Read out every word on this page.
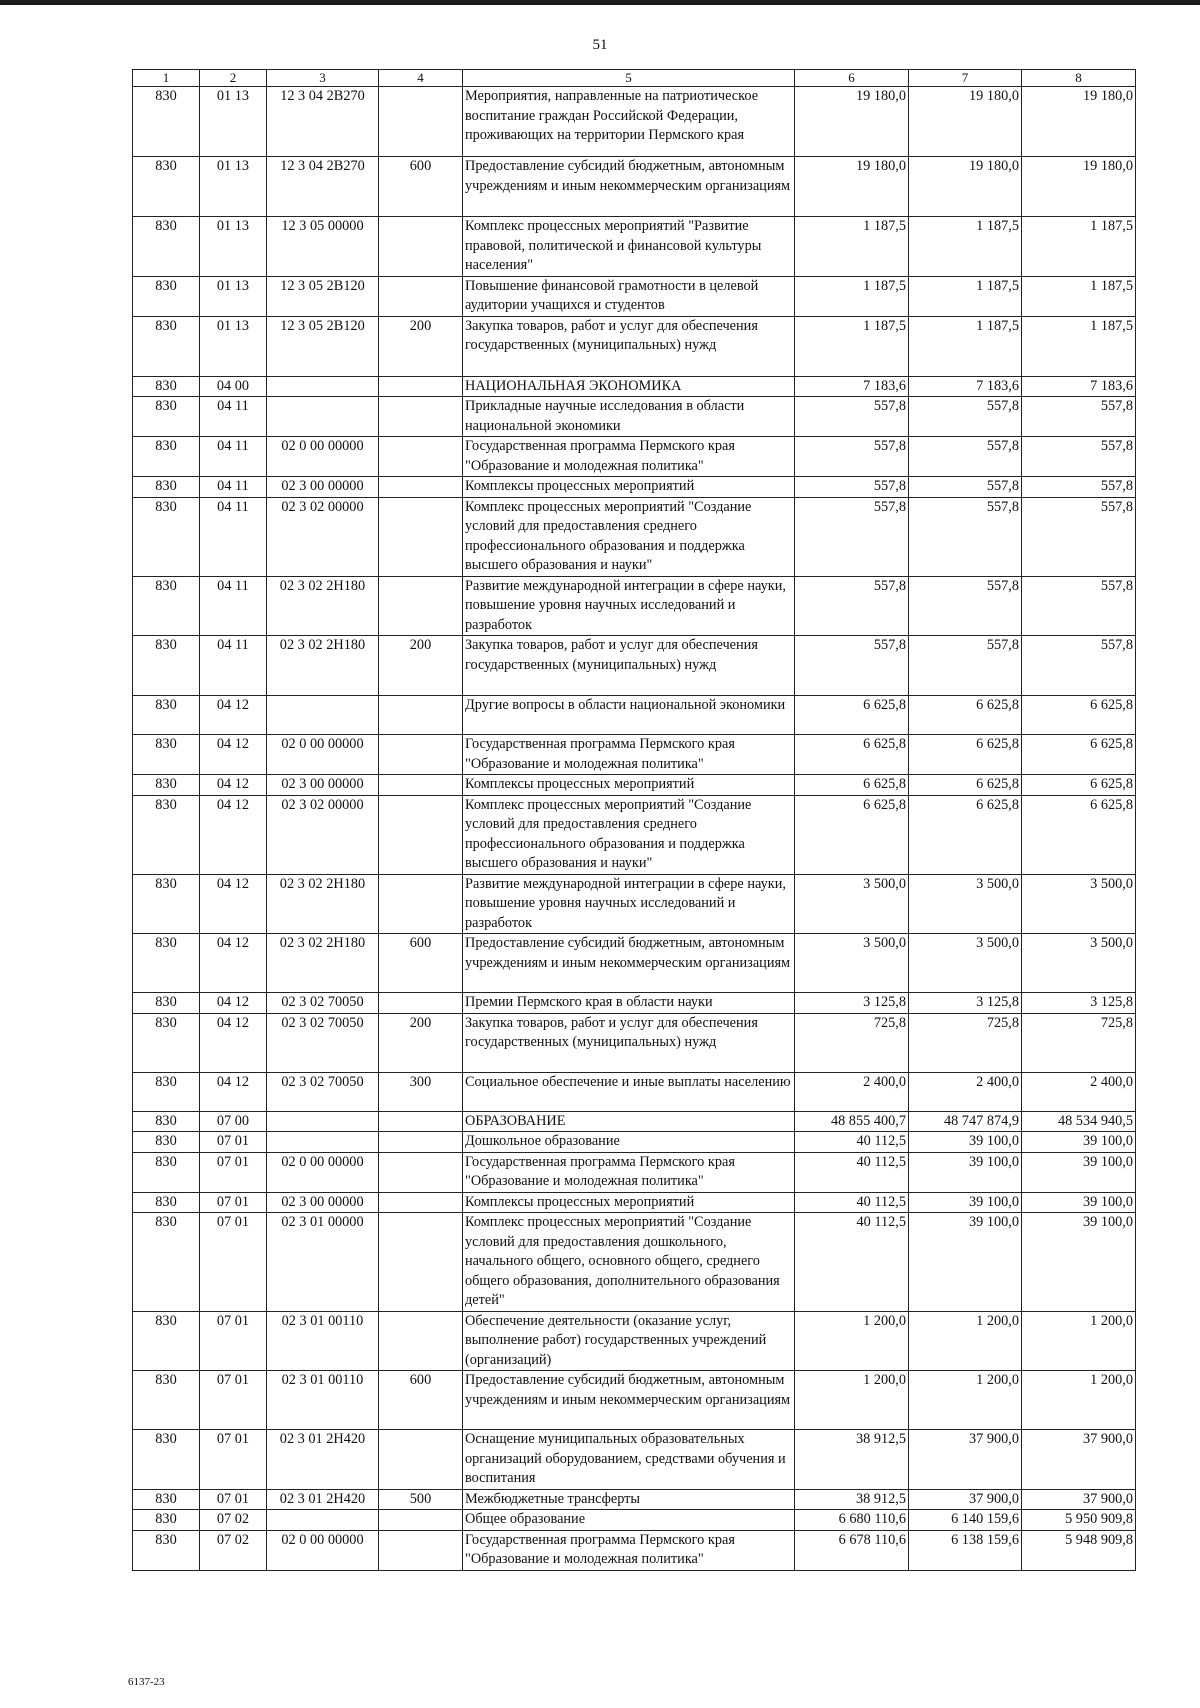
51
1	2	3	4	5	6	7	8
830	01 13	12 3 04 2В270		Мероприятия, направленные на патриотическое воспитание граждан Российской Федерации, проживающих на территории Пермского края	19 180,0	19 180,0	19 180,0
830	01 13	12 3 04 2В270	600	Предоставление субсидий бюджетным, автономным учреждениям и иным некоммерческим организациям	19 180,0	19 180,0	19 180,0
830	01 13	12 3 05 00000		Комплекс процессных мероприятий "Развитие правовой, политической и финансовой культуры населения"	1 187,5	1 187,5	1 187,5
830	01 13	12 3 05 2В120		Повышение финансовой грамотности в целевой аудитории учащихся и студентов	1 187,5	1 187,5	1 187,5
830	01 13	12 3 05 2В120	200	Закупка товаров, работ и услуг для обеспечения государственных (муниципальных) нужд	1 187,5	1 187,5	1 187,5
830	04 00			НАЦИОНАЛЬНАЯ ЭКОНОМИКА	7 183,6	7 183,6	7 183,6
830	04 11			Прикладные научные исследования в области национальной экономики	557,8	557,8	557,8
830	04 11	02 0 00 00000		Государственная программа Пермского края "Образование и молодежная политика"	557,8	557,8	557,8
830	04 11	02 3 00 00000		Комплексы процессных мероприятий	557,8	557,8	557,8
830	04 11	02 3 02 00000		Комплекс процессных мероприятий "Создание условий для предоставления среднего профессионального образования и поддержка высшего образования и науки"	557,8	557,8	557,8
830	04 11	02 3 02 2Н180		Развитие международной интеграции в сфере науки, повышение уровня научных исследований и разработок	557,8	557,8	557,8
830	04 11	02 3 02 2Н180	200	Закупка товаров, работ и услуг для обеспечения государственных (муниципальных) нужд	557,8	557,8	557,8
830	04 12			Другие вопросы в области национальной экономики	6 625,8	6 625,8	6 625,8
830	04 12	02 0 00 00000		Государственная программа Пермского края "Образование и молодежная политика"	6 625,8	6 625,8	6 625,8
830	04 12	02 3 00 00000		Комплексы процессных мероприятий	6 625,8	6 625,8	6 625,8
830	04 12	02 3 02 00000		Комплекс процессных мероприятий "Создание условий для предоставления среднего профессионального образования и поддержка высшего образования и науки"	6 625,8	6 625,8	6 625,8
830	04 12	02 3 02 2Н180		Развитие международной интеграции в сфере науки, повышение уровня научных исследований и разработок	3 500,0	3 500,0	3 500,0
830	04 12	02 3 02 2Н180	600	Предоставление субсидий бюджетным, автономным учреждениям и иным некоммерческим организациям	3 500,0	3 500,0	3 500,0
830	04 12	02 3 02 70050		Премии Пермского края в области науки	3 125,8	3 125,8	3 125,8
830	04 12	02 3 02 70050	200	Закупка товаров, работ и услуг для обеспечения государственных (муниципальных) нужд	725,8	725,8	725,8
830	04 12	02 3 02 70050	300	Социальное обеспечение и иные выплаты населению	2 400,0	2 400,0	2 400,0
830	07 00			ОБРАЗОВАНИЕ	48 855 400,7	48 747 874,9	48 534 940,5
830	07 01			Дошкольное образование	40 112,5	39 100,0	39 100,0
830	07 01	02 0 00 00000		Государственная программа Пермского края "Образование и молодежная политика"	40 112,5	39 100,0	39 100,0
830	07 01	02 3 00 00000		Комплексы процессных мероприятий	40 112,5	39 100,0	39 100,0
830	07 01	02 3 01 00000		Комплекс процессных мероприятий "Создание условий для предоставления дошкольного, начального общего, основного общего, среднего общего образования, дополнительного образования детей"	40 112,5	39 100,0	39 100,0
830	07 01	02 3 01 00110		Обеспечение деятельности (оказание услуг, выполнение работ) государственных учреждений (организаций)	1 200,0	1 200,0	1 200,0
830	07 01	02 3 01 00110	600	Предоставление субсидий бюджетным, автономным учреждениям и иным некоммерческим организациям	1 200,0	1 200,0	1 200,0
830	07 01	02 3 01 2Н420		Оснащение муниципальных образовательных организаций оборудованием, средствами обучения и воспитания	38 912,5	37 900,0	37 900,0
830	07 01	02 3 01 2Н420	500	Межбюджетные трансферты	38 912,5	37 900,0	37 900,0
830	07 02			Общее образование	6 680 110,6	6 140 159,6	5 950 909,8
830	07 02	02 0 00 00000		Государственная программа Пермского края "Образование и молодежная политика"	6 678 110,6	6 138 159,6	5 948 909,8
6137-23
